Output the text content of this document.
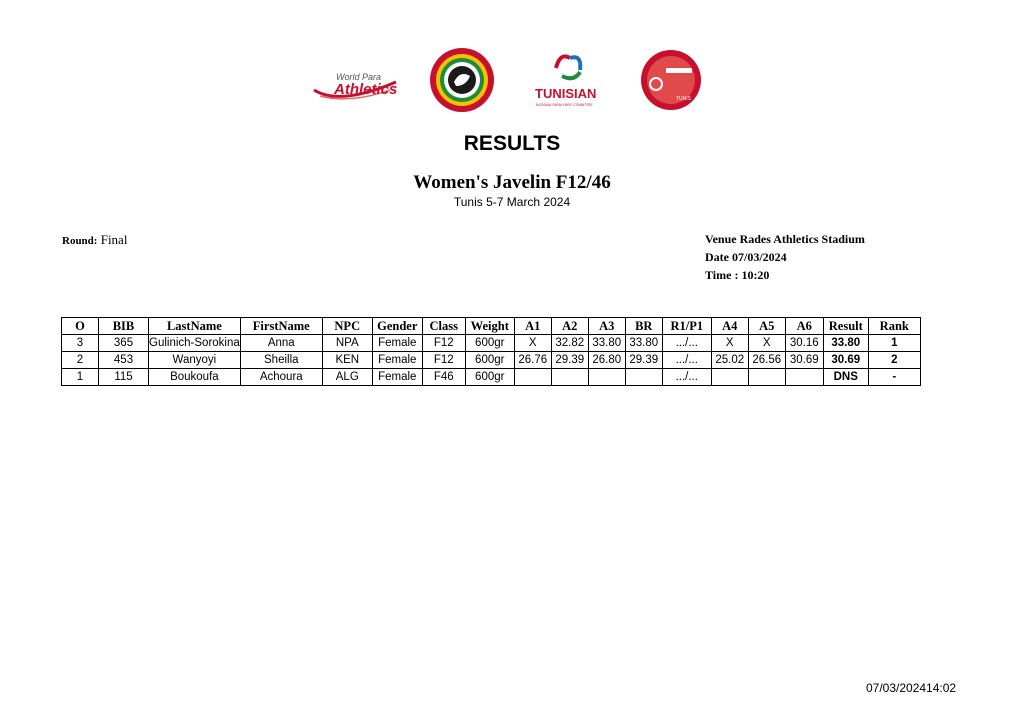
World Para
Athletics	TUNISIAN
NATIONAL PARALYMPIC COMMITTEE
TUNIS
RESULTS
Women's Javelin F12/46
Tunis 5-7 March 2024
Round: Final	Venue Rades Athletics Stadium
Date 07/03/2024
Time : 10:20
O	BIB	LastName	FirstName	NPC	Gender	Class	Weight	A1	A2	A3	BR	R1/P1	A4	A5	A6	Result	Rank
3	365	Gulinich-Sorokina	Anna	NPA	Female	F12	600gr	X	32.82	33.80	33.80	.../...	X	X	30.16	33.80	1
2	453	Wanyoyi	Sheilla	KEN	Female	F12	600gr	26.76	29.39	26.80	29.39	.../...	25.02	26.56	30.69	30.69	2
1	115	Boukoufa	Achoura	ALG	Female	F46	600gr					.../...				DNS	-
07/03/202414:02
